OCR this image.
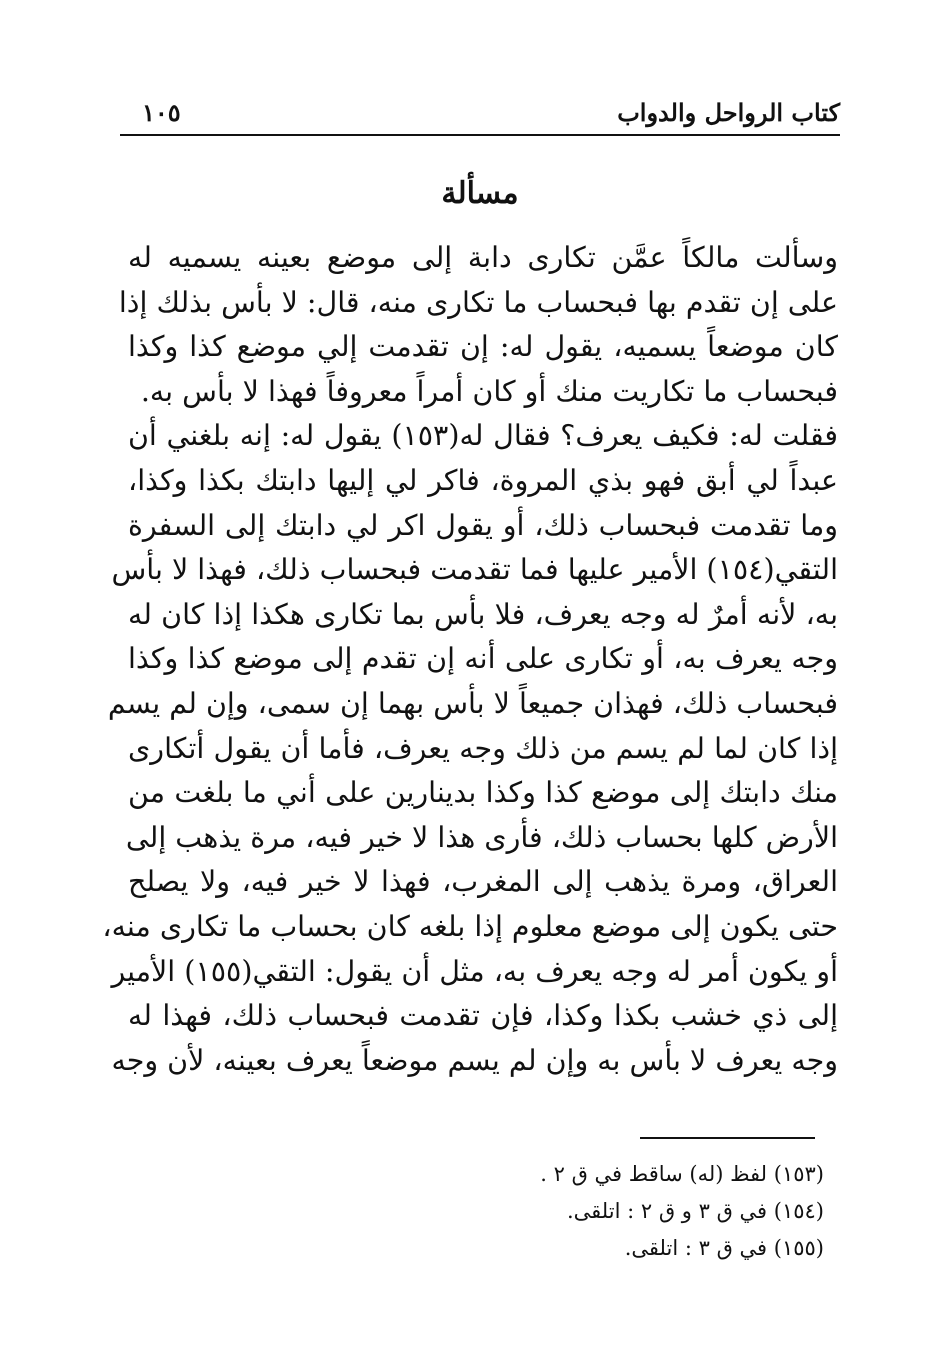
كتاب الرواحل والدواب
١٠٥
مسألة
وسألت مالكاً عمَّن تكارى دابة إلى موضع بعينه يسميه له
على إن تقدم بها فبحساب ما تكارى منه، قال: لا بأس بذلك إذا
كان موضعاً يسميه، يقول له: إن تقدمت إلي موضع كذا وكذا
فبحساب ما تكاريت منك أو كان أمراً معروفاً فهذا لا بأس به.
فقلت له: فكيف يعرف؟ فقال له(١٥٣) يقول له: إنه بلغني أن
عبداً لي أبق فهو بذي المروة، فاكر لي إليها دابتك بكذا وكذا،
وما تقدمت فبحساب ذلك، أو يقول اكر لي دابتك إلى السفرة
التقي(١٥٤) الأمير عليها فما تقدمت فبحساب ذلك، فهذا لا بأس
به، لأنه أمرٌ له وجه يعرف، فلا بأس بما تكارى هكذا إذا كان له
وجه يعرف به، أو تكارى على أنه إن تقدم إلى موضع كذا وكذا
فبحساب ذلك، فهذان جميعاً لا بأس بهما إن سمى، وإن لم يسم
إذا كان لما لم يسم من ذلك وجه يعرف، فأما أن يقول أتكارى
منك دابتك إلى موضع كذا وكذا بدينارين على أني ما بلغت من
الأرض كلها بحساب ذلك، فأرى هذا لا خير فيه، مرة يذهب إلى
العراق، ومرة يذهب إلى المغرب، فهذا لا خير فيه، ولا يصلح
حتى يكون إلى موضع معلوم إذا بلغه كان بحساب ما تكارى منه،
أو يكون أمر له وجه يعرف به، مثل أن يقول: التقي(١٥٥) الأمير
إلى ذي خشب بكذا وكذا، فإن تقدمت فبحساب ذلك، فهذا له
وجه يعرف لا بأس به وإن لم يسم موضعاً يعرف بعينه، لأن وجه
(١٥٣) لفظ (له) ساقط في ق ٢ .
(١٥٤) في ق ٣ و ق ٢ : اتلقى.
(١٥٥) في ق ٣ : اتلقى.
